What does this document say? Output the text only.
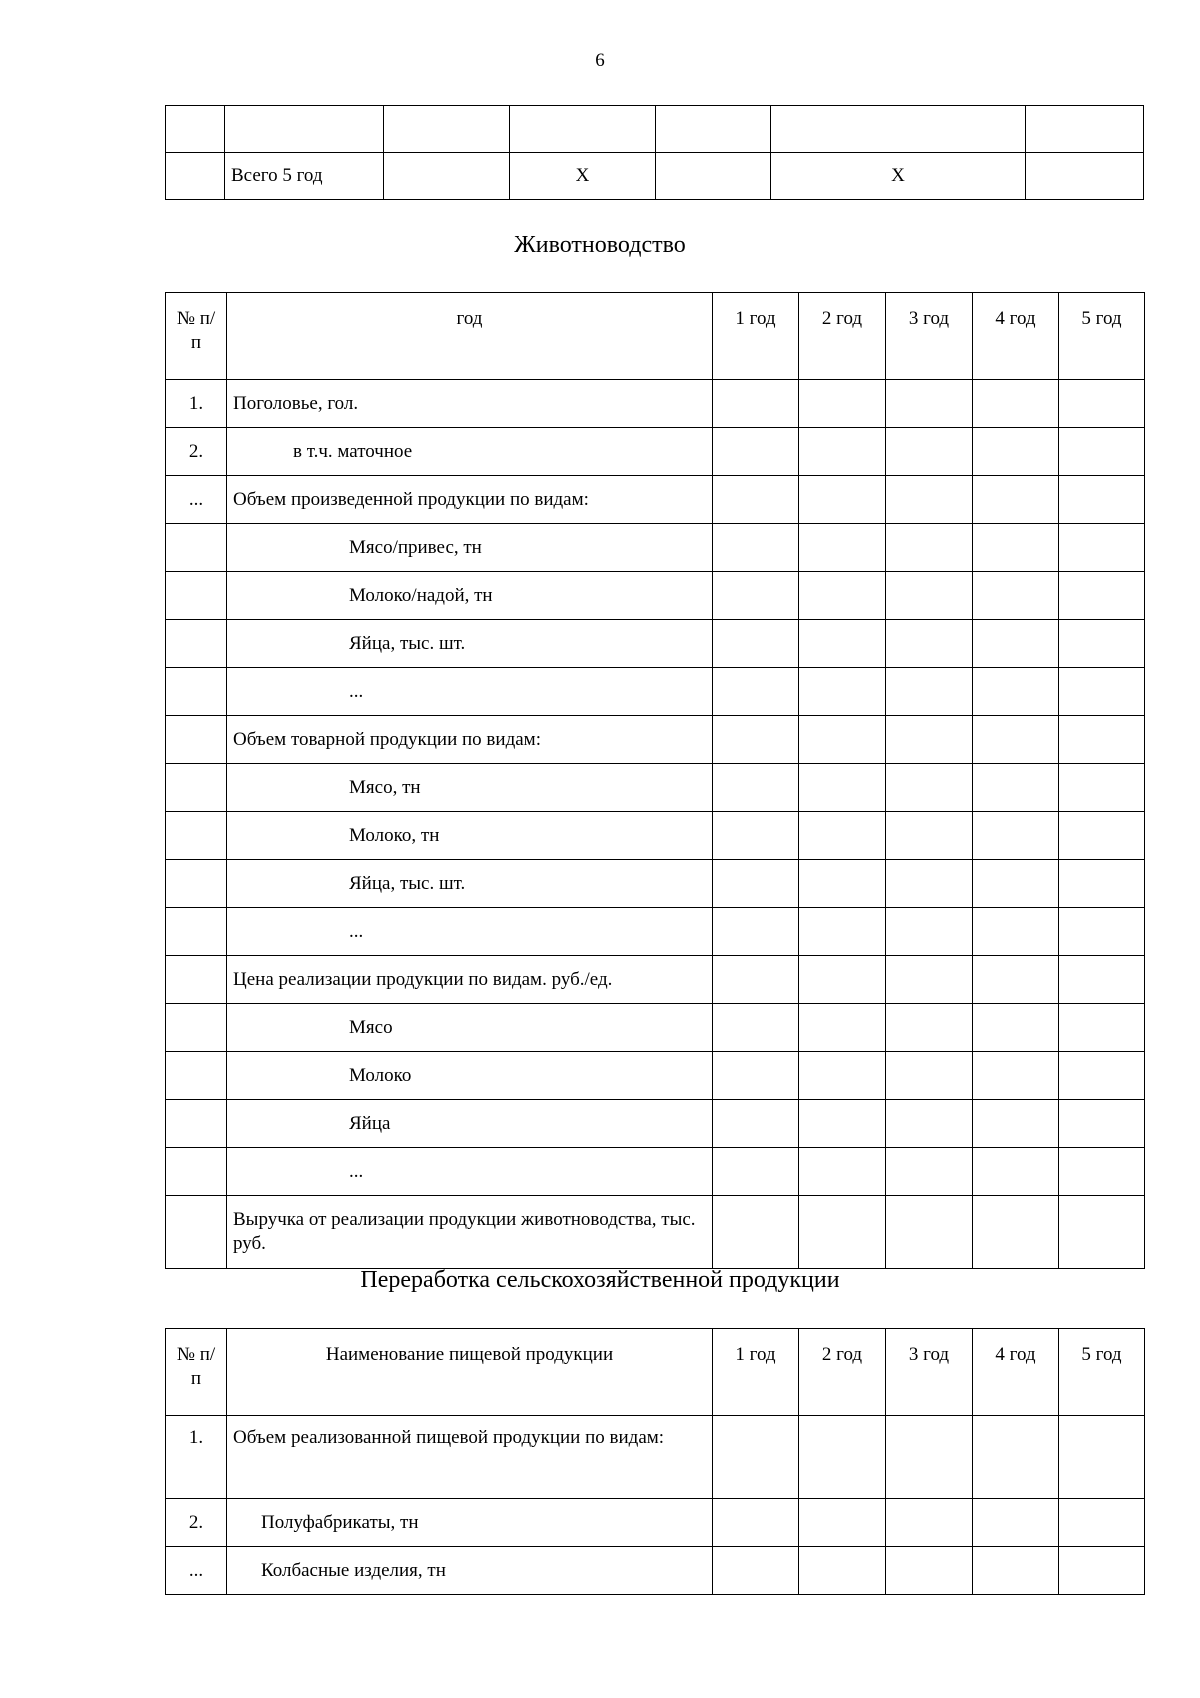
6

	Всего 5 год		Х		Х	
Животноводство
№ п/п	год	1 год	2 год	3 год	4 год	5 год
1.	Поголовье, гол.					
2.	в т.ч. маточное					
...	Объем произведенной продукции по видам:					
	Мясо/привес, тн					
	Молоко/надой, тн					
	Яйца, тыс. шт.					
	...					
	Объем товарной продукции по видам:					
	Мясо, тн					
	Молоко, тн					
	Яйца, тыс. шт.					
	...					
	Цена реализации продукции по видам. руб./ед.					
	Мясо					
	Молоко					
	Яйца					
	...					
	Выручка от реализации продукции животноводства, тыс. руб.					
Переработка сельскохозяйственной продукции
№ п/п	Наименование пищевой продукции	1 год	2 год	3 год	4 год	5 год
1.	Объем реализованной пищевой продукции по видам:					
2.	Полуфабрикаты, тн					
...	Колбасные изделия, тн					
